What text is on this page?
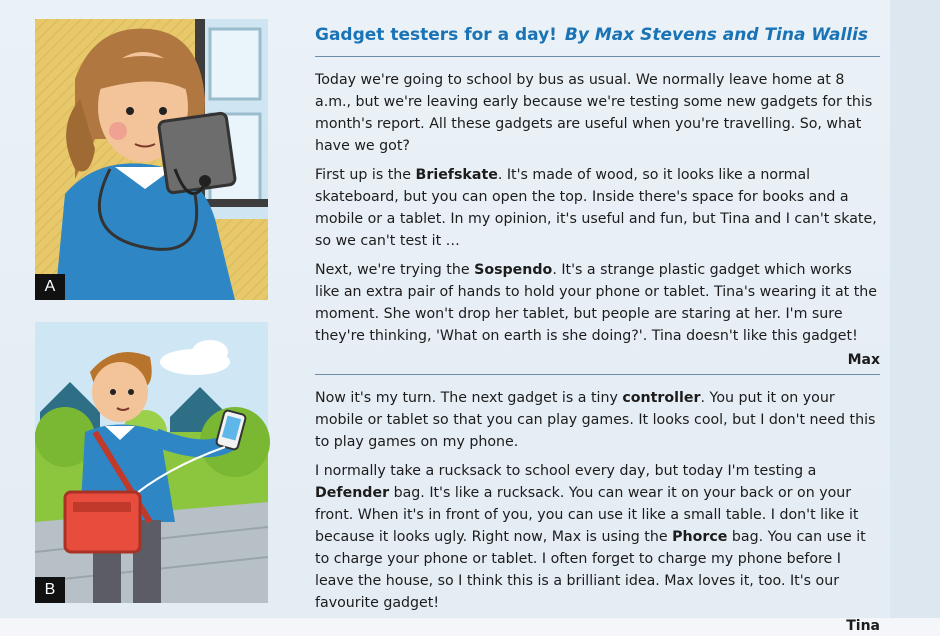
A
B
Gadget testers for a day! By Max Stevens and Tina Wallis

Today we're going to school by bus as usual. We normally leave home at 8 a.m., but we're leaving early because we're testing some new gadgets for this month's report. All these gadgets are useful when you're travelling. So, what have we got?

First up is the Briefskate. It's made of wood, so it looks like a normal skateboard, but you can open the top. Inside there's space for books and a mobile or a tablet. In my opinion, it's useful and fun, but Tina and I can't skate, so we can't test it …

Next, we're trying the Sospendo. It's a strange plastic gadget which works like an extra pair of hands to hold your phone or tablet. Tina's wearing it at the moment. She won't drop her tablet, but people are staring at her. I'm sure they're thinking, 'What on earth is she doing?'. Tina doesn't like this gadget!

Max

Now it's my turn. The next gadget is a tiny controller. You put it on your mobile or tablet so that you can play games. It looks cool, but I don't need this to play games on my phone.

I normally take a rucksack to school every day, but today I'm testing a Defender bag. It's like a rucksack. You can wear it on your back or on your front. When it's in front of you, you can use it like a small table. I don't like it because it looks ugly. Right now, Max is using the Phorce bag. You can use it to charge your phone or tablet. I often forget to charge my phone before I leave the house, so I think this is a brilliant idea. Max loves it, too. It's our favourite gadget!

Tina
